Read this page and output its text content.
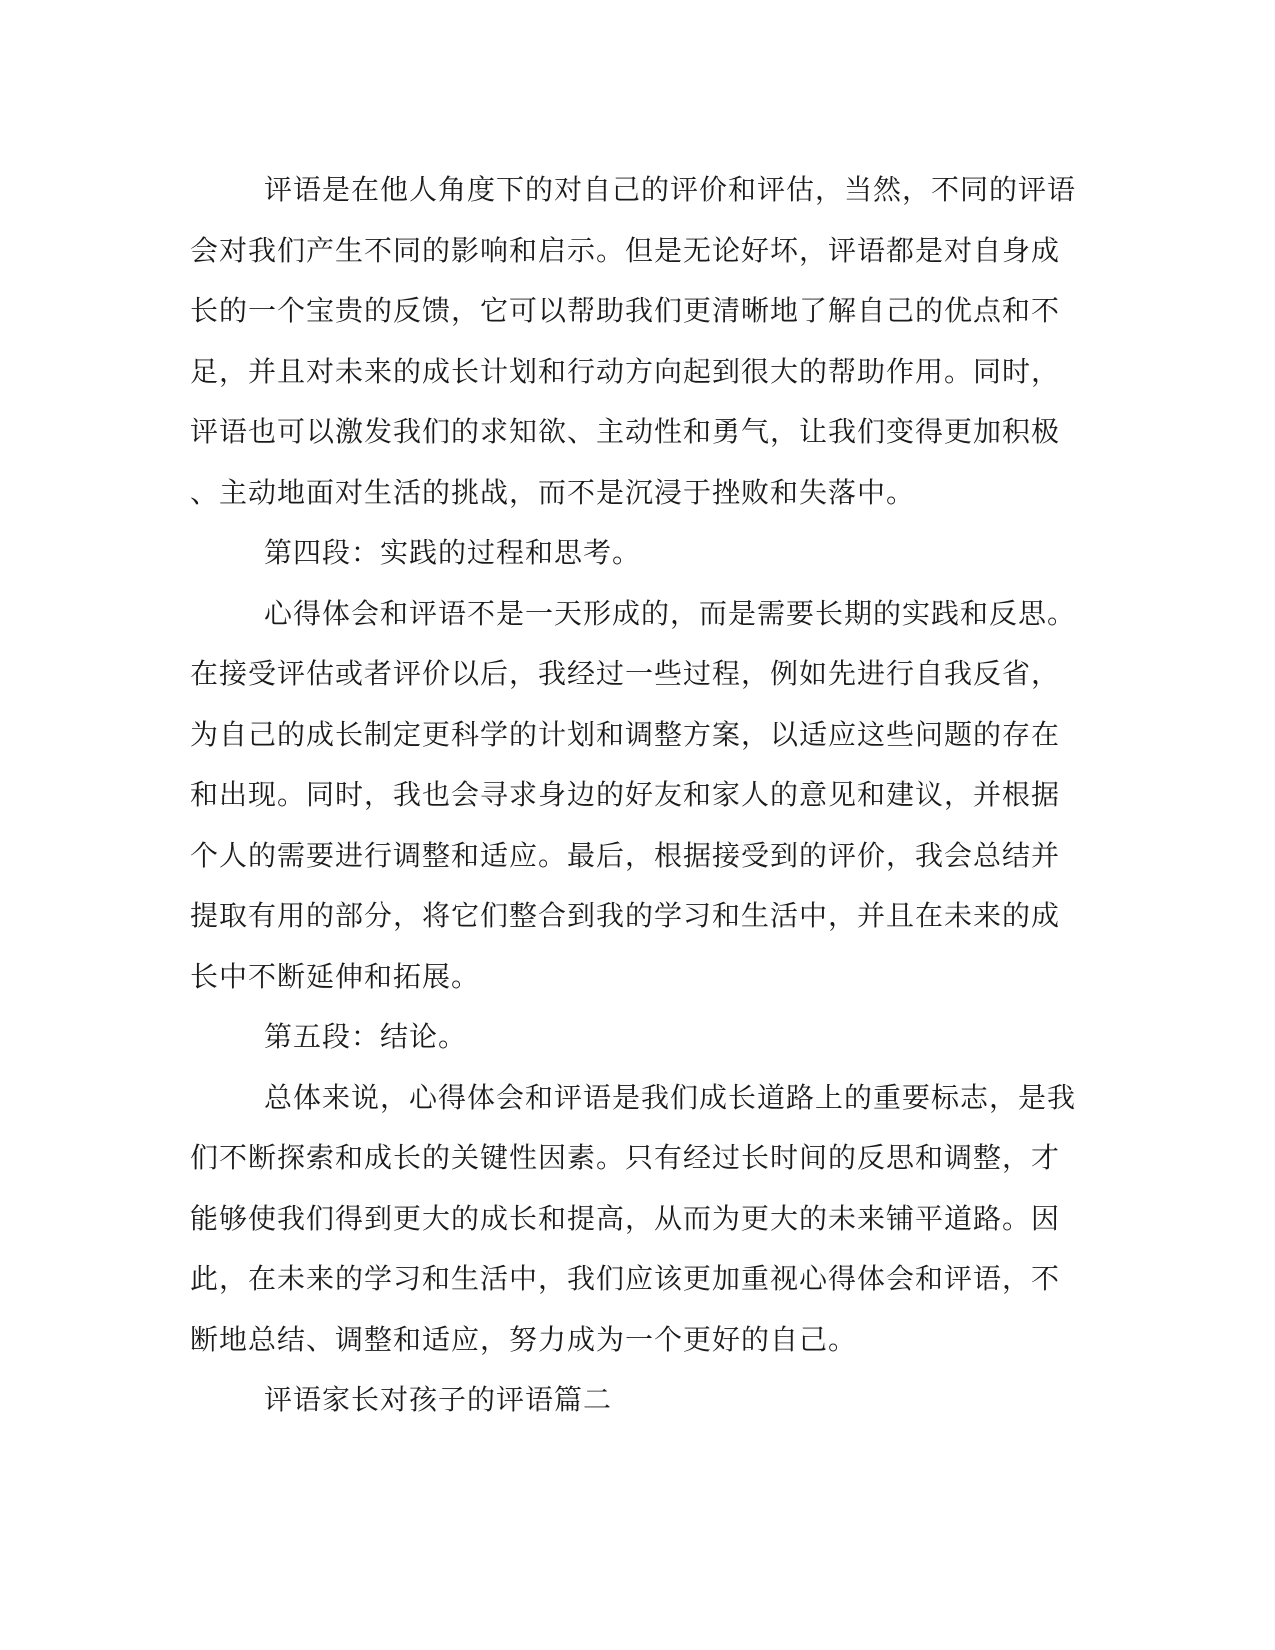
评语是在他人角度下的对自己的评价和评估，当然，不同的评语
会对我们产生不同的影响和启示。但是无论好坏，评语都是对自身成
长的一个宝贵的反馈，它可以帮助我们更清晰地了解自己的优点和不
足，并且对未来的成长计划和行动方向起到很大的帮助作用。同时，
评语也可以激发我们的求知欲、主动性和勇气，让我们变得更加积极
、主动地面对生活的挑战，而不是沉浸于挫败和失落中。
第四段：实践的过程和思考。
心得体会和评语不是一天形成的，而是需要长期的实践和反思。
在接受评估或者评价以后，我经过一些过程，例如先进行自我反省，
为自己的成长制定更科学的计划和调整方案，以适应这些问题的存在
和出现。同时，我也会寻求身边的好友和家人的意见和建议，并根据
个人的需要进行调整和适应。最后，根据接受到的评价，我会总结并
提取有用的部分，将它们整合到我的学习和生活中，并且在未来的成
长中不断延伸和拓展。
第五段：结论。
总体来说，心得体会和评语是我们成长道路上的重要标志，是我
们不断探索和成长的关键性因素。只有经过长时间的反思和调整，才
能够使我们得到更大的成长和提高，从而为更大的未来铺平道路。因
此，在未来的学习和生活中，我们应该更加重视心得体会和评语，不
断地总结、调整和适应，努力成为一个更好的自己。
评语家长对孩子的评语篇二
